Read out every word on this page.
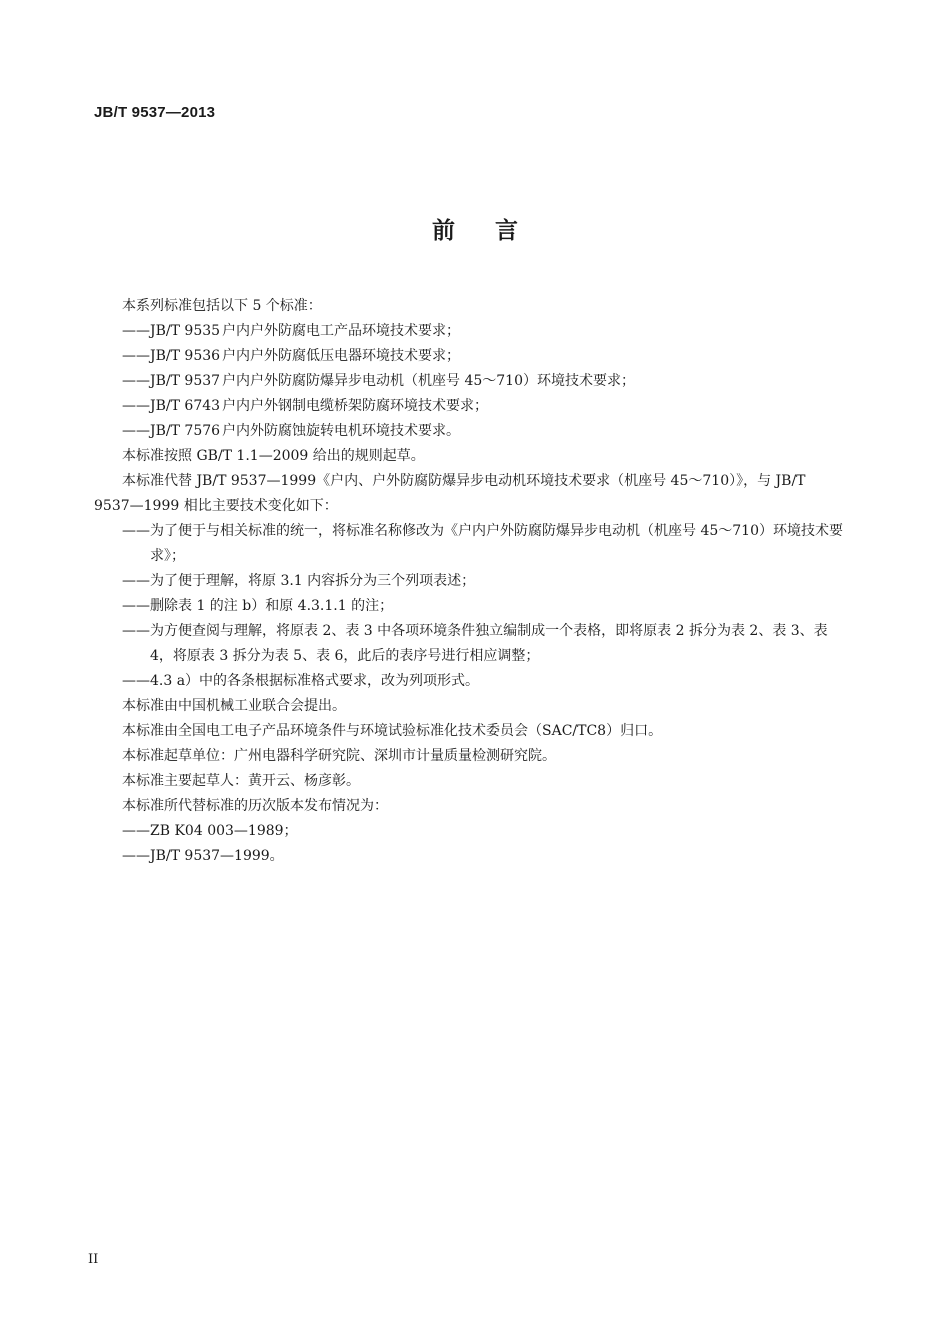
JB/T 9537—2013
前言
本系列标准包括以下 5 个标准：
——JB/T 9535 户内户外防腐电工产品环境技术要求；
——JB/T 9536 户内户外防腐低压电器环境技术要求；
——JB/T 9537 户内户外防腐防爆异步电动机（机座号 45～710）环境技术要求；
——JB/T 6743 户内户外钢制电缆桥架防腐环境技术要求；
——JB/T 7576 户内外防腐蚀旋转电机环境技术要求。
本标准按照 GB/T 1.1—2009 给出的规则起草。
本标准代替 JB/T 9537—1999《户内、户外防腐防爆异步电动机环境技术要求（机座号 45～710）》，与 JB/T 9537—1999 相比主要技术变化如下：
——为了便于与相关标准的统一，将标准名称修改为《户内户外防腐防爆异步电动机（机座号 45～710）环境技术要求》；
——为了便于理解，将原 3.1 内容拆分为三个列项表述；
——删除表 1 的注 b）和原 4.3.1.1 的注；
——为方便查阅与理解，将原表 2、表 3 中各项环境条件独立编制成一个表格，即将原表 2 拆分为表 2、表 3、表 4，将原表 3 拆分为表 5、表 6，此后的表序号进行相应调整；
——4.3 a）中的各条根据标准格式要求，改为列项形式。
本标准由中国机械工业联合会提出。
本标准由全国电工电子产品环境条件与环境试验标准化技术委员会（SAC/TC8）归口。
本标准起草单位：广州电器科学研究院、深圳市计量质量检测研究院。
本标准主要起草人：黄开云、杨彦彰。
本标准所代替标准的历次版本发布情况为：
——ZB K04 003—1989；
——JB/T 9537—1999。
II
